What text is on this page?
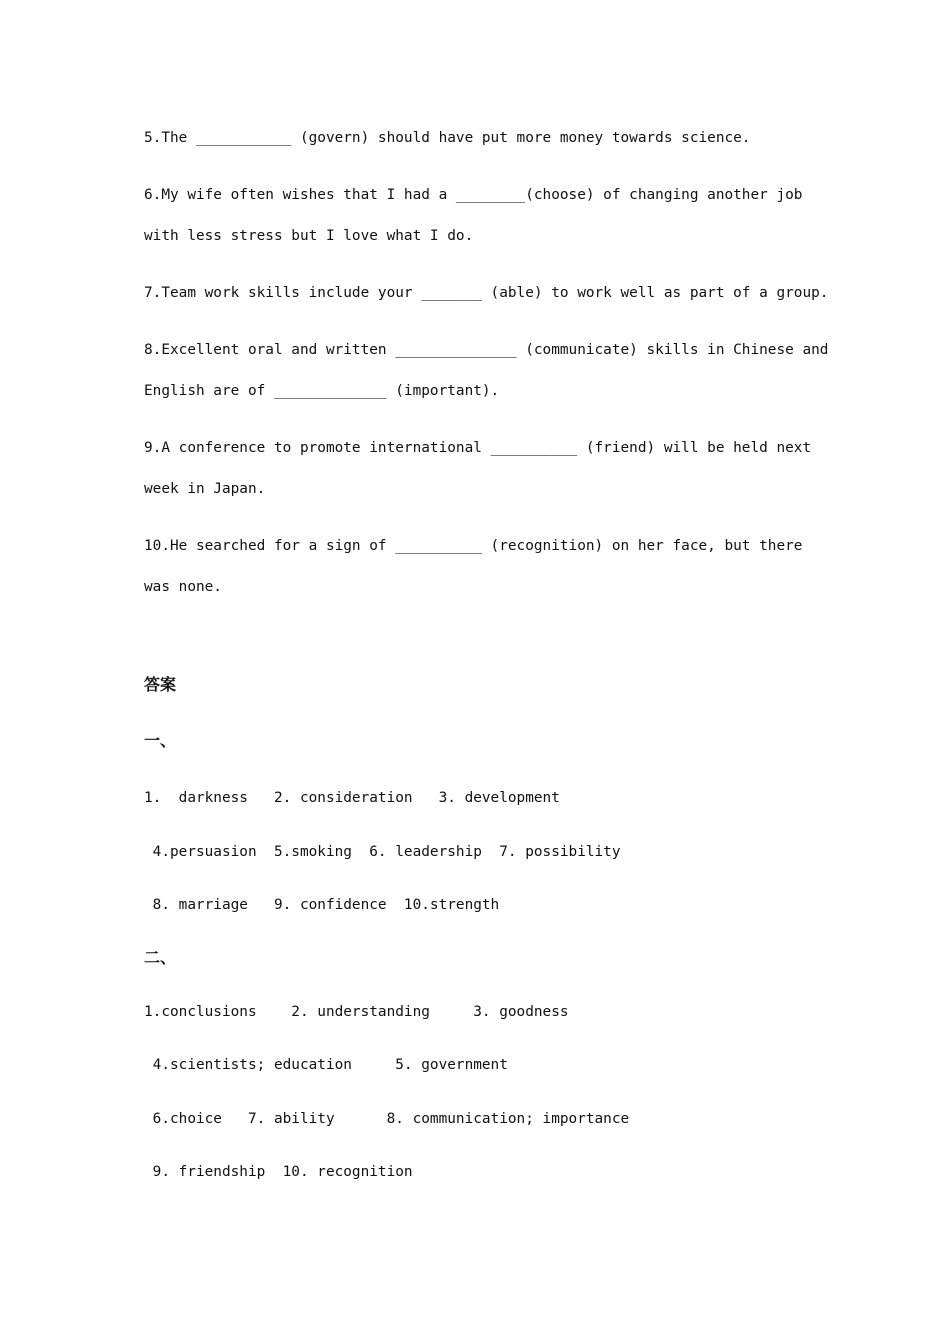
5.The ___________ (govern) should have put more money towards science.
6.My wife often wishes that I had a ________(choose) of changing another job
with less stress but I love what I do.
7.Team work skills include your _______ (able) to work well as part of a group.
8.Excellent oral and written ______________ (communicate) skills in Chinese and
English are of _____________ (important).
9.A conference to promote international __________ (friend) will be held next
week in Japan.
10.He searched for a sign of __________ (recognition) on her face, but there
was none.
答案
一、
1.  darkness   2. consideration   3. development
4.persuasion  5.smoking  6. leadership  7. possibility
8. marriage   9. confidence  10.strength
二、
1.conclusions    2. understanding     3. goodness
4.scientists; education     5. government
6.choice   7. ability      8. communication; importance
9. friendship  10. recognition
